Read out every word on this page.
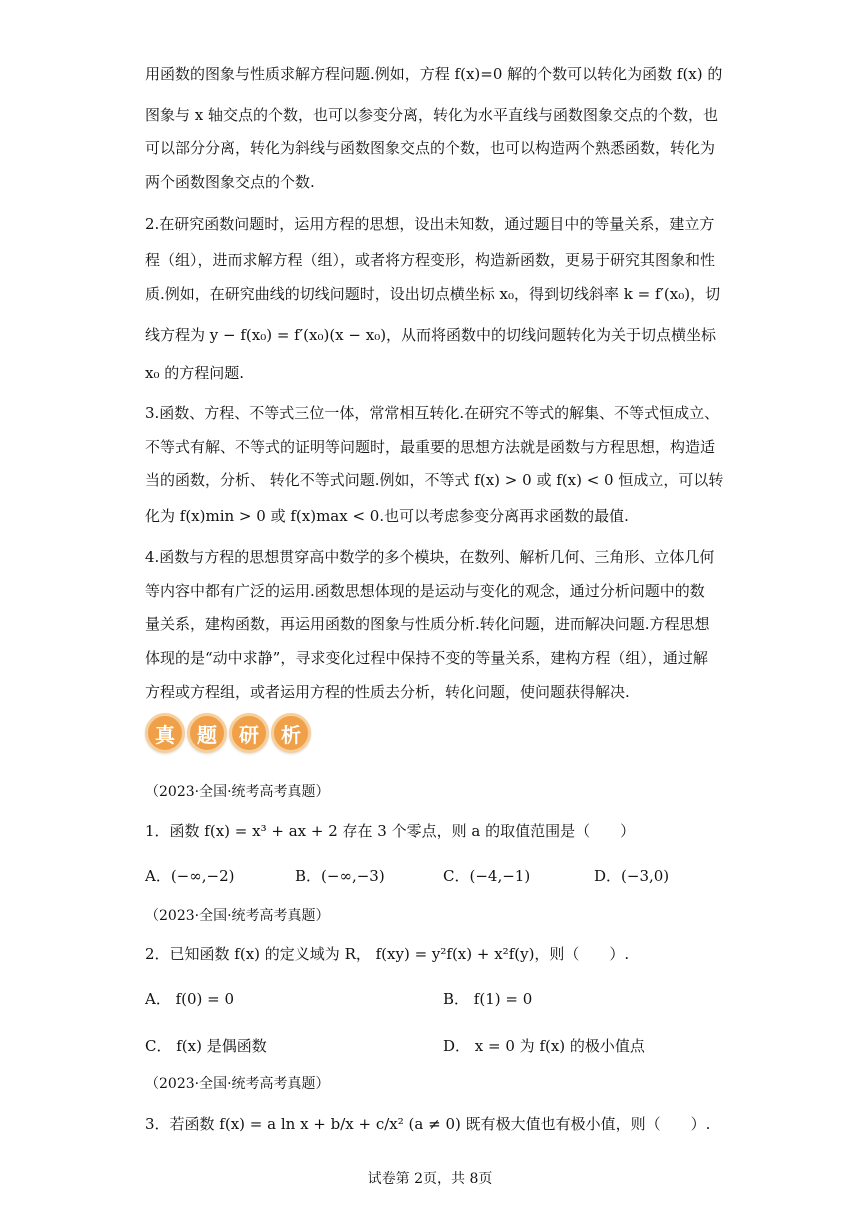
用函数的图象与性质求解方程问题.例如，方程 f(x)=0 解的个数可以转化为函数 f(x) 的
图象与 x 轴交点的个数，也可以参变分离，转化为水平直线与函数图象交点的个数，也
可以部分分离，转化为斜线与函数图象交点的个数，也可以构造两个熟悉函数，转化为
两个函数图象交点的个数.
2.在研究函数问题时，运用方程的思想，设出未知数，通过题目中的等量关系，建立方
程（组），进而求解方程（组），或者将方程变形，构造新函数，更易于研究其图象和性
质.例如，在研究曲线的切线问题时，设出切点横坐标 x₀，得到切线斜率 k = f′(x₀)，切
线方程为 y − f(x₀) = f′(x₀)(x − x₀)，从而将函数中的切线问题转化为关于切点横坐标
x₀ 的方程问题.
3.函数、方程、不等式三位一体，常常相互转化.在研究不等式的解集、不等式恒成立、
不等式有解、不等式的证明等问题时，最重要的思想方法就是函数与方程思想，构造适
当的函数，分析、 转化不等式问题.例如，不等式 f(x) > 0 或 f(x) < 0 恒成立，可以转
化为 f(x)min > 0 或 f(x)max < 0.也可以考虑参变分离再求函数的最值.
4.函数与方程的思想贯穿高中数学的多个模块，在数列、解析几何、三角形、立体几何
等内容中都有广泛的运用.函数思想体现的是运动与变化的观念，通过分析问题中的数
量关系，建构函数，再运用函数的图象与性质分析.转化问题，进而解决问题.方程思想
体现的是“动中求静”，寻求变化过程中保持不变的等量关系，建构方程（组），通过解
方程或方程组，或者运用方程的性质去分析，转化问题，使问题获得解决.
真	题	研	析
（2023·全国·统考高考真题）
1．函数 f(x) = x³ + ax + 2 存在 3 个零点，则 a 的取值范围是（　　）
A．(−∞,−2)	B．(−∞,−3)	C．(−4,−1)	D．(−3,0)
（2023·全国·统考高考真题）
2．已知函数 f(x) 的定义域为 R， f(xy) = y²f(x) + x²f(y)，则（　　）.
A． f(0) = 0	B． f(1) = 0
C． f(x) 是偶函数	D． x = 0 为 f(x) 的极小值点
（2023·全国·统考高考真题）
3．若函数 f(x) = a ln x + b/x + c/x² (a ≠ 0) 既有极大值也有极小值，则（　　）.
试卷第 2页，共 8页
